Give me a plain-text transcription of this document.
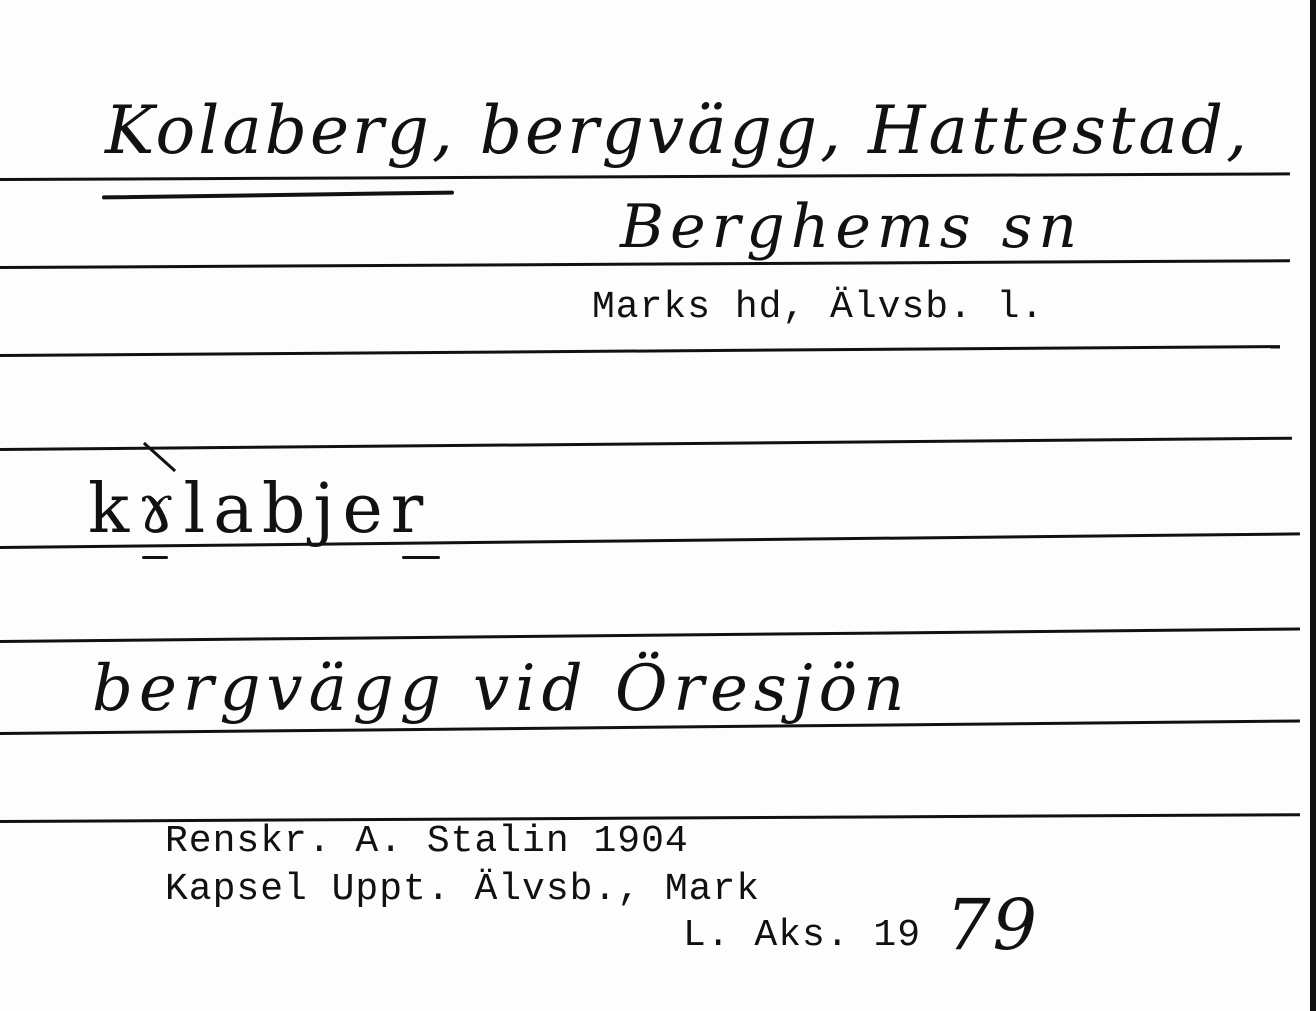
Kolaberg, bergvägg, Hattestad,
Berghems sn
Marks hd, Älvsb. l.
kɤlabjer
bergvägg vid Öresjön
Renskr. A. Stalin 1904
Kapsel Uppt. Älvsb., Mark
L. Aks. 19 79
